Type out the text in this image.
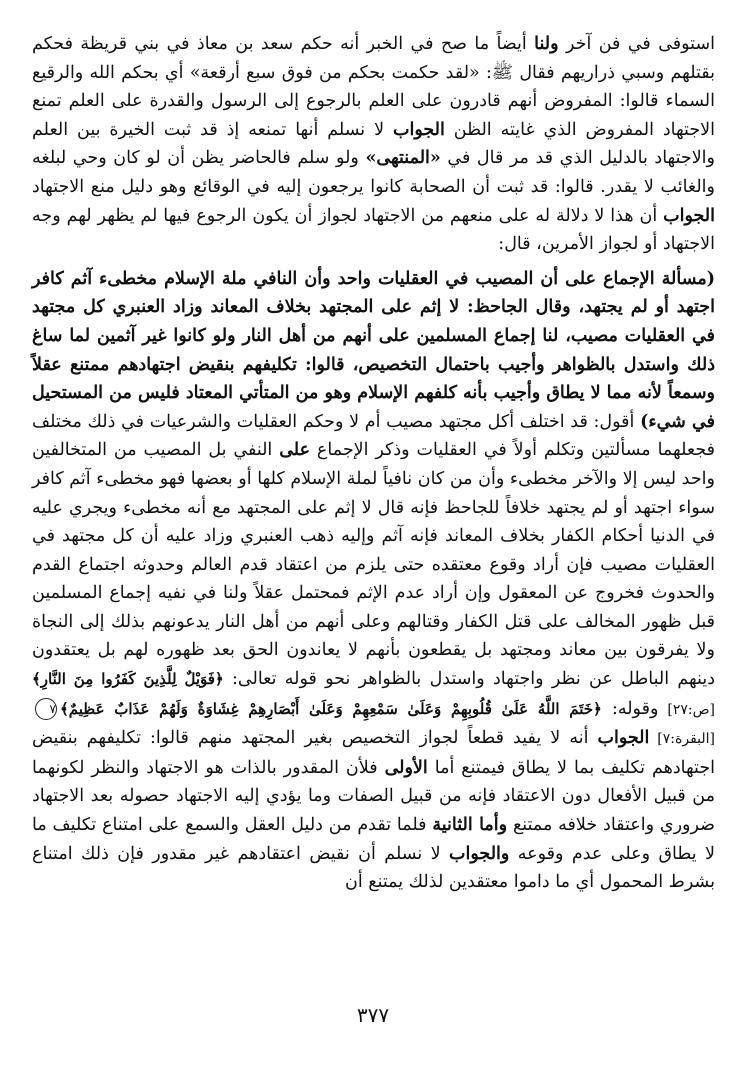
استوفى في فن آخر ولنا أيضاً ما صح في الخبر أنه حكم سعد بن معاذ في بني قريظة فحكم بقتلهم وسبي ذراريهم فقال ﷺ: «لقد حكمت بحكم من فوق سبع أرقعة» أي بحكم الله والرقيع السماء قالوا: المفروض أنهم قادرون على العلم بالرجوع إلى الرسول والقدرة على العلم تمنع الاجتهاد المفروض الذي غايته الظن الجواب لا نسلم أنها تمنعه إذ قد ثبت الخيرة بين العلم والاجتهاد بالدليل الذي قد مر قال في «المنتهى» ولو سلم فالحاضر يظن أن لو كان وحي لبلغه والغائب لا يقدر. قالوا: قد ثبت أن الصحابة كانوا يرجعون إليه في الوقائع وهو دليل منع الاجتهاد الجواب أن هذا لا دلالة له على منعهم من الاجتهاد لجواز أن يكون الرجوع فيها لم يظهر لهم وجه الاجتهاد أو لجواز الأمرين، قال:

(مسألة الإجماع على أن المصيب في العقليات واحد وأن النافي ملة الإسلام مخطىء آثم كافر اجتهد أو لم يجتهد، وقال الجاحظ: لا إثم على المجتهد بخلاف المعاند وزاد العنبري كل مجتهد في العقليات مصيب، لنا إجماع المسلمين على أنهم من أهل النار ولو كانوا غير آثمين لما ساغ ذلك واستدل بالظواهر وأجيب باحتمال التخصيص، قالوا: تكليفهم بنقيض اجتهادهم ممتنع عقلاً وسمعاً لأنه مما لا يطاق وأجيب بأنه كلفهم الإسلام وهو من المتأتي المعتاد فليس من المستحيل في شيء) أقول: قد اختلف أكل مجتهد مصيب أم لا وحكم العقليات والشرعيات في ذلك مختلف فجعلهما مسألتين وتكلم أولاً في العقليات وذكر الإجماع على النفي بل المصيب من المتخالفين واحد ليس إلا والآخر مخطىء وأن من كان نافياً لملة الإسلام كلها أو بعضها فهو مخطىء آثم كافر سواء اجتهد أو لم يجتهد خلافاً للجاحظ فإنه قال لا إثم على المجتهد مع أنه مخطىء ويجري عليه في الدنيا أحكام الكفار بخلاف المعاند فإنه آثم وإليه ذهب العنبري وزاد عليه أن كل مجتهد في العقليات مصيب فإن أراد وقوع معتقده حتى يلزم من اعتقاد قدم العالم وحدوثه اجتماع القدم والحدوث فخروج عن المعقول وإن أراد عدم الإثم فمحتمل عقلاً ولنا في نفيه إجماع المسلمين قبل ظهور المخالف على قتل الكفار وقتالهم وعلى أنهم من أهل النار يدعونهم بذلك إلى النجاة ولا يفرقون بين معاند ومجتهد بل يقطعون بأنهم لا يعاندون الحق بعد ظهوره لهم بل يعتقدون دينهم الباطل عن نظر واجتهاد واستدل بالظواهر نحو قوله تعالى: ﴿فَوَيْلٌ لِلَّذِينَ كَفَرُوا مِنَ النَّارِ﴾ [ص:٢٧] وقوله: ﴿خَتَمَ اللَّهُ عَلَىٰ قُلُوبِهِمْ وَعَلَىٰ سَمْعِهِمْ وَعَلَىٰ أَبْصَارِهِمْ غِشَاوَةٌ وَلَهُمْ عَذَابٌ عَظِيمٌ﴾٧ [البقرة:٧] الجواب أنه لا يفيد قطعاً لجواز التخصيص بغير المجتهد منهم قالوا: تكليفهم بنقيض اجتهادهم تكليف بما لا يطاق فيمتنع أما الأولى فلأن المقدور بالذات هو الاجتهاد والنظر لكونهما من قبيل الأفعال دون الاعتقاد فإنه من قبيل الصفات وما يؤدي إليه الاجتهاد حصوله بعد الاجتهاد ضروري واعتقاد خلافه ممتنع وأما الثانية فلما تقدم من دليل العقل والسمع على امتناع تكليف ما لا يطاق وعلى عدم وقوعه والجواب لا نسلم أن نقيض اعتقادهم غير مقدور فإن ذلك امتناع بشرط المحمول أي ما داموا معتقدين لذلك يمتنع أن

٣٧٧
